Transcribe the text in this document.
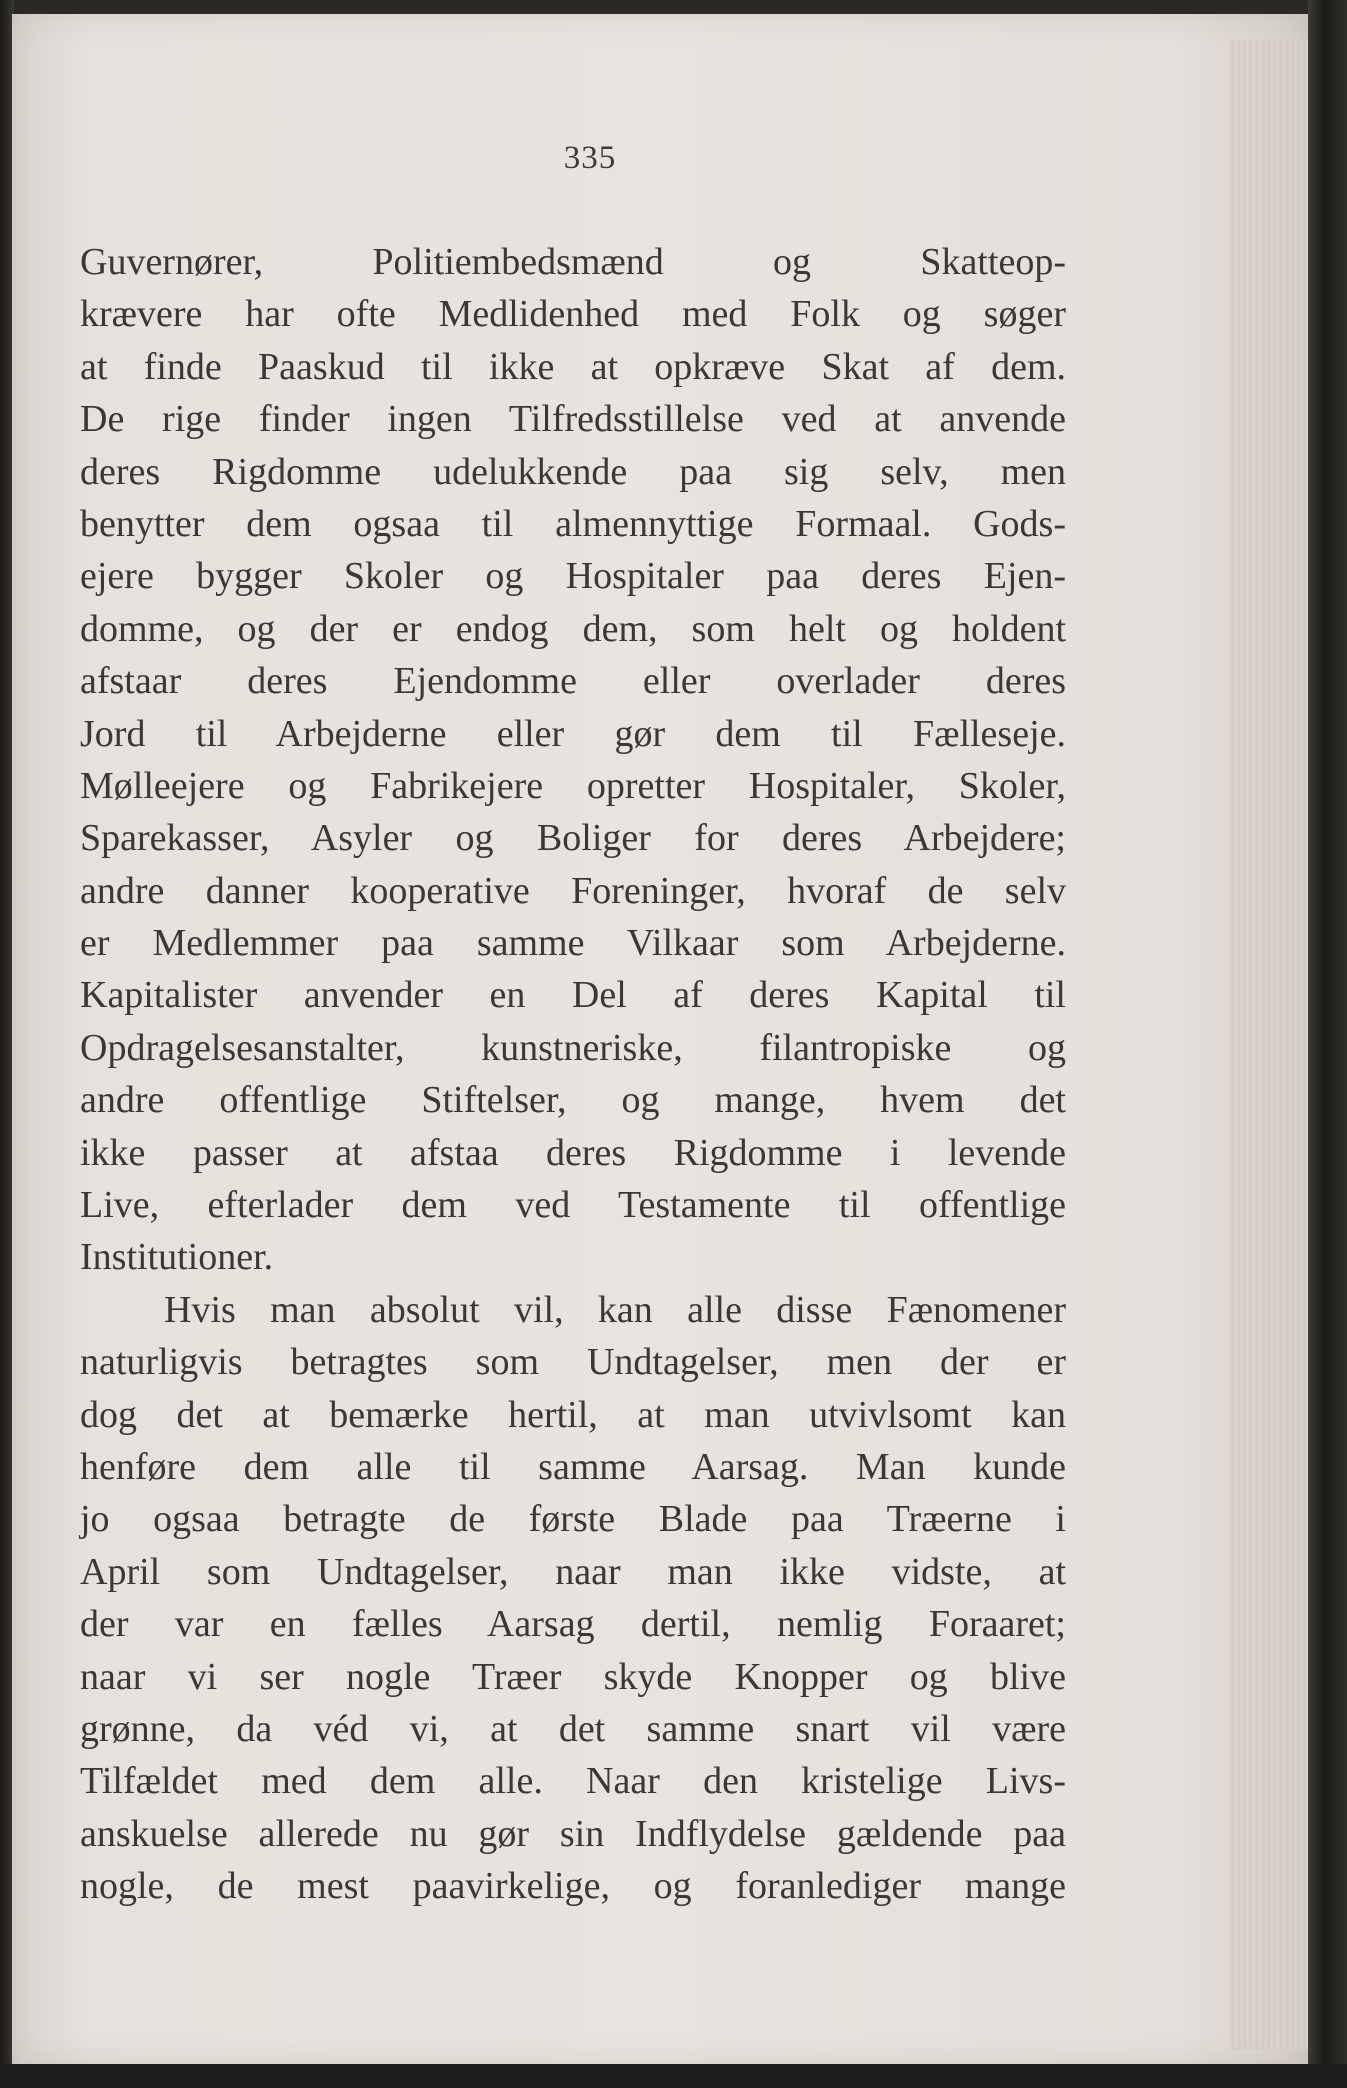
335
Guvernører, Politiembedsmænd og Skatteop-
krævere har ofte Medlidenhed med Folk og søger
at finde Paaskud til ikke at opkræve Skat af dem.
De rige finder ingen Tilfredsstillelse ved at anvende
deres Rigdomme udelukkende paa sig selv, men
benytter dem ogsaa til almennyttige Formaal. Gods-
ejere bygger Skoler og Hospitaler paa deres Ejen-
domme, og der er endog dem, som helt og holdent
afstaar deres Ejendomme eller overlader deres
Jord til Arbejderne eller gør dem til Fælleseje.
Mølleejere og Fabrikejere opretter Hospitaler, Skoler,
Sparekasser, Asyler og Boliger for deres Arbejdere;
andre danner kooperative Foreninger, hvoraf de selv
er Medlemmer paa samme Vilkaar som Arbejderne.
Kapitalister anvender en Del af deres Kapital til
Opdragelsesanstalter, kunstneriske, filantropiske og
andre offentlige Stiftelser, og mange, hvem det
ikke passer at afstaa deres Rigdomme i levende
Live, efterlader dem ved Testamente til offentlige
Institutioner.
Hvis man absolut vil, kan alle disse Fænomener
naturligvis betragtes som Undtagelser, men der er
dog det at bemærke hertil, at man utvivlsomt kan
henføre dem alle til samme Aarsag. Man kunde
jo ogsaa betragte de første Blade paa Træerne i
April som Undtagelser, naar man ikke vidste, at
der var en fælles Aarsag dertil, nemlig Foraaret;
naar vi ser nogle Træer skyde Knopper og blive
grønne, da véd vi, at det samme snart vil være
Tilfældet med dem alle. Naar den kristelige Livs-
anskuelse allerede nu gør sin Indflydelse gældende paa
nogle, de mest paavirkelige, og foranlediger mange
